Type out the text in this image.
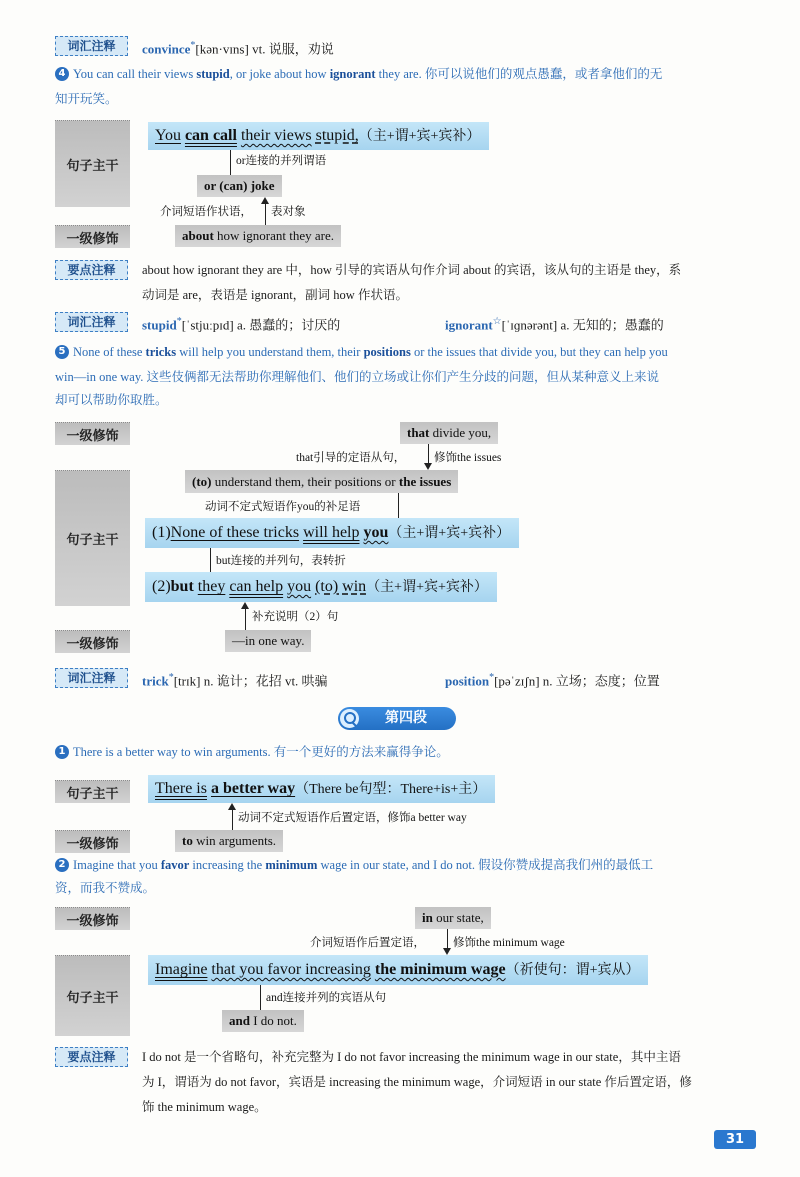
词汇注释	convince*[kən·vɪns] vt. 说服，劝说
4 You can call their views stupid, or joke about how ignorant they are. 你可以说他们的观点愚蠢，或者拿他们的无
知开玩笑。
句子主干
You can call their views stupid,（主+谓+宾+宾补）
or连接的并列谓语
or (can) joke
介词短语作状语， 表对象
一级修饰	about how ignorant they are.
要点注释	about how ignorant they are 中，how 引导的宾语从句作介词 about 的宾语，该从句的主语是 they，系
动词是 are，表语是 ignorant，副词 how 作状语。
词汇注释	stupid*[ˈstjuːpɪd] a. 愚蠢的；讨厌的	ignorant☆[ˈɪɡnərənt] a. 无知的；愚蠢的
5 None of these tricks will help you understand them, their positions or the issues that divide you, but they can help you
win—in one way. 这些伎俩都无法帮助你理解他们、他们的立场或让你们产生分歧的问题，但从某种意义上来说
却可以帮助你取胜。
一级修饰	that divide you,
that引导的定语从句，	修饰the issues
(to) understand them, their positions or the issues
动词不定式短语作you的补足语
句子主干	(1)None of these tricks will help you（主+谓+宾+宾补）
but连接的并列句，表转折
(2)but they can help you (to) win（主+谓+宾+宾补）
补充说明（2）句
一级修饰	—in one way.
词汇注释	trick*[trɪk] n. 诡计；花招 vt. 哄骗	position*[pəˈzɪʃn] n. 立场；态度；位置
第四段
1 There is a better way to win arguments. 有一个更好的方法来赢得争论。
There is a better way（There be句型：There+is+主）
句子主干
动词不定式短语作后置定语，修饰a better way
一级修饰	to win arguments.
2 Imagine that you favor increasing the minimum wage in our state, and I do not. 假设你赞成提高我们州的最低工
资，而我不赞成。
一级修饰	in our state,
介词短语作后置定语， 修饰the minimum wage
句子主干
Imagine that you favor increasing the minimum wage（祈使句：谓+宾从）
and连接并列的宾语从句
and I do not.
要点注释	I do not 是一个省略句，补充完整为 I do not favor increasing the minimum wage in our state，其中主语
为 I，谓语为 do not favor，宾语是 increasing the minimum wage，介词短语 in our state 作后置定语，修
饰 the minimum wage。
31
